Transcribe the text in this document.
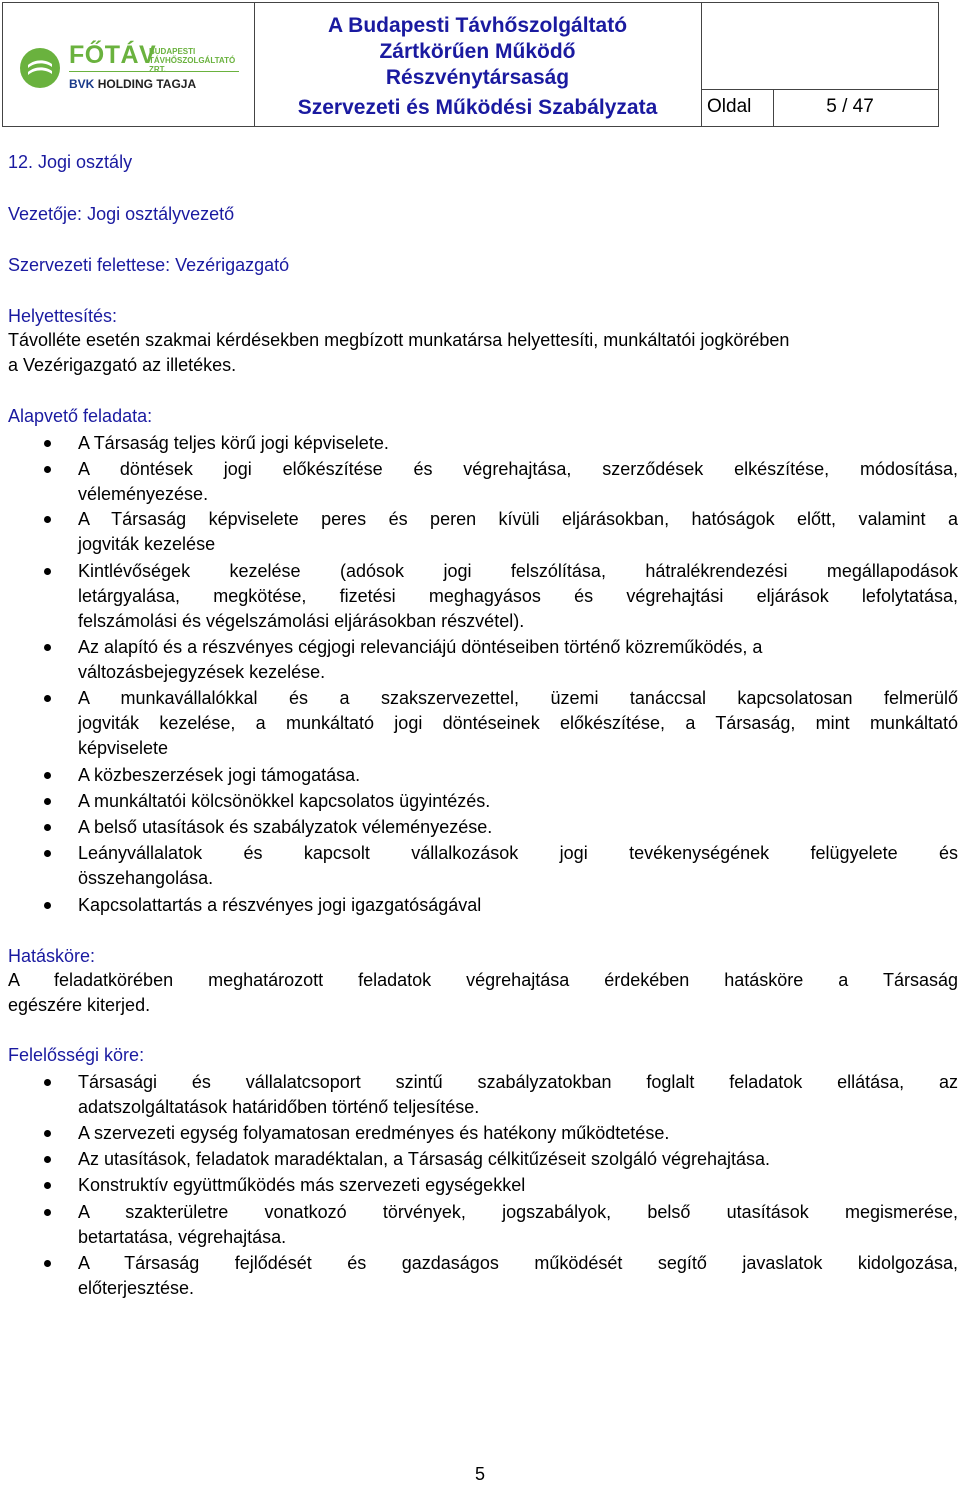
FŐTÁV
BUDAPESTI
TÁVHŐSZOLGÁLTATÓ ZRT.
BVK HOLDING TAGJA
A Budapesti Távhőszolgáltató
Zártkörűen Működő
Részvénytársaság
Szervezeti és Működési Szabályzata	Oldal	5 / 47
12. Jogi osztály
Vezetője: Jogi osztályvezető
Szervezeti felettese: Vezérigazgató
Helyettesítés:
Távolléte esetén szakmai kérdésekben megbízott munkatársa helyettesíti, munkáltatói jogkörében
a Vezérigazgató az illetékes.
Alapvető feladata:
A Társaság teljes körű jogi képviselete.
A döntések jogi előkészítése és végrehajtása, szerződések elkészítése, módosítása,
véleményezése.
A Társaság képviselete peres és peren kívüli eljárásokban, hatóságok előtt, valamint a
jogviták kezelése
Kintlévőségek kezelése (adósok jogi felszólítása, hátralékrendezési megállapodások
letárgyalása, megkötése, fizetési meghagyásos és végrehajtási eljárások lefolytatása,
felszámolási és végelszámolási eljárásokban részvétel).
Az alapító és a részvényes cégjogi relevanciájú döntéseiben történő közreműködés, a
változásbejegyzések kezelése.
A munkavállalókkal és a szakszervezettel, üzemi tanáccsal kapcsolatosan felmerülő
jogviták kezelése, a munkáltató jogi döntéseinek előkészítése, a Társaság, mint munkáltató
képviselete
A közbeszerzések jogi támogatása.
A munkáltatói kölcsönökkel kapcsolatos ügyintézés.
A belső utasítások és szabályzatok véleményezése.
Leányvállalatok és kapcsolt vállalkozások jogi tevékenységének felügyelete és
összehangolása.
Kapcsolattartás a részvényes jogi igazgatóságával
Hatásköre:
A feladatkörében meghatározott feladatok végrehajtása érdekében hatásköre a Társaság
egészére kiterjed.
Felelősségi köre:
Társasági és vállalatcsoport szintű szabályzatokban foglalt feladatok ellátása, az
adatszolgáltatások határidőben történő teljesítése.
A szervezeti egység folyamatosan eredményes és hatékony működtetése.
Az utasítások, feladatok maradéktalan, a Társaság célkitűzéseit szolgáló végrehajtása.
Konstruktív együttműködés más szervezeti egységekkel
A szakterületre vonatkozó törvények, jogszabályok, belső utasítások megismerése,
betartatása, végrehajtása.
A Társaság fejlődését és gazdaságos működését segítő javaslatok kidolgozása,
előterjesztése.
5
